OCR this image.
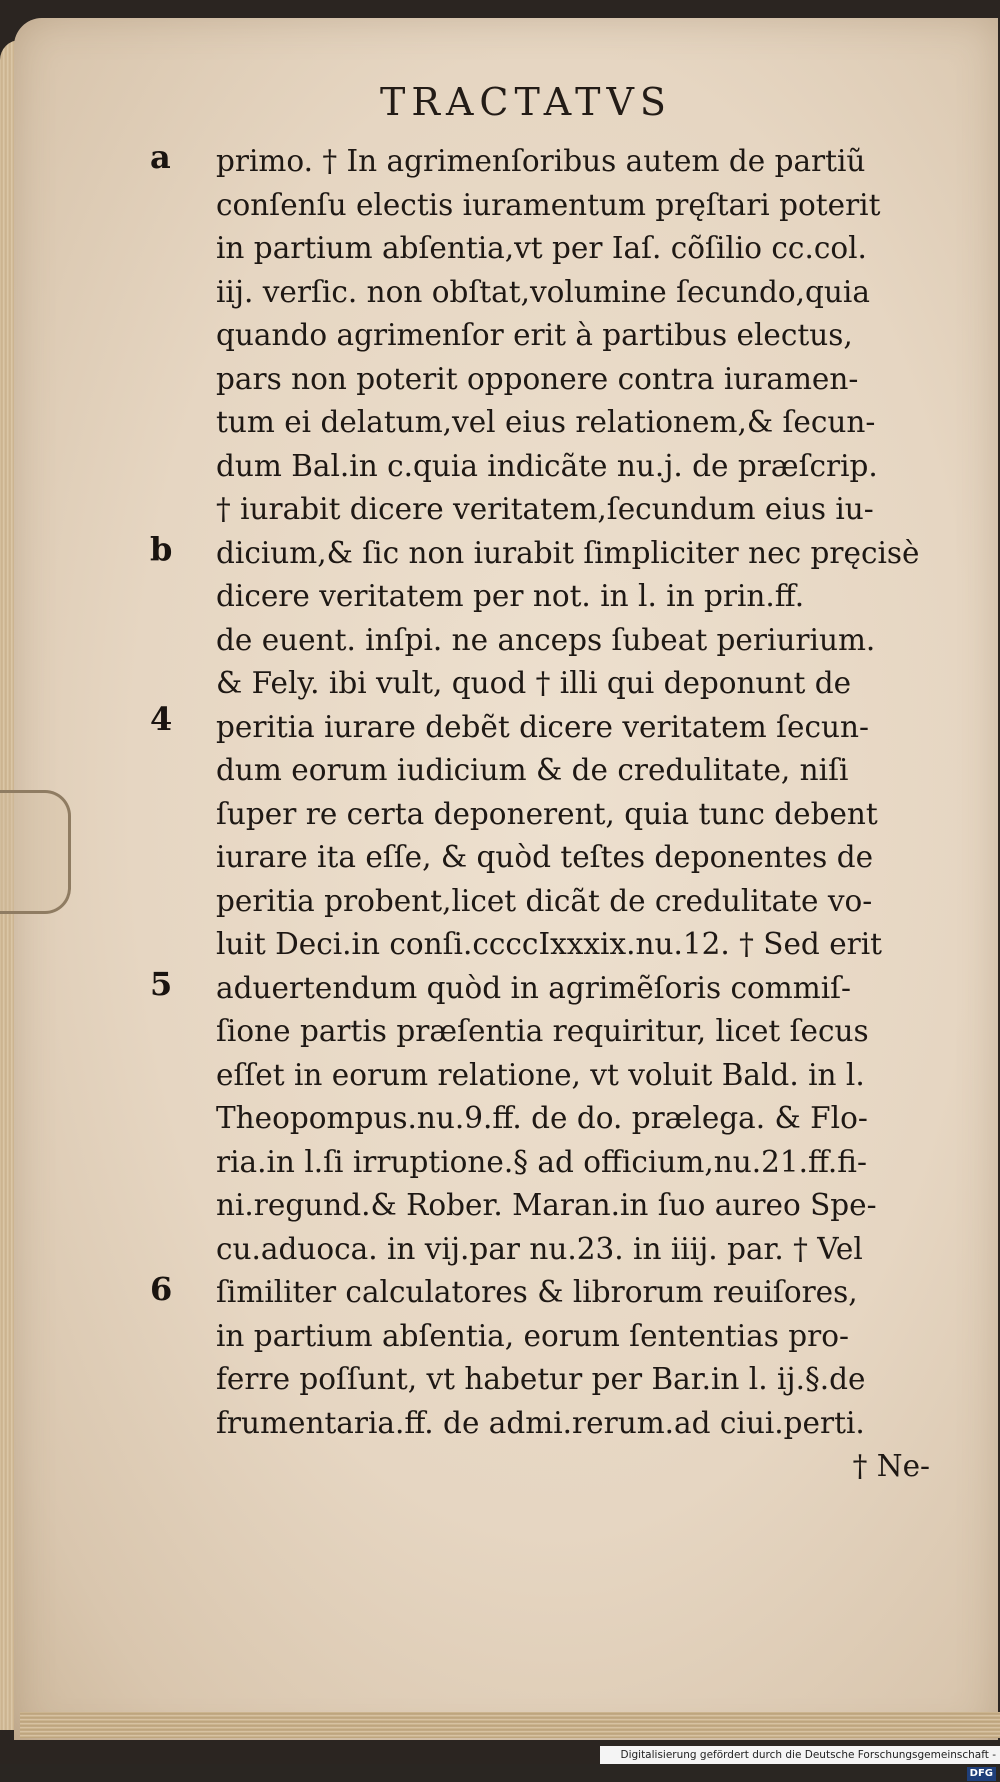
TRACTATVS
a
b
4
5
6
primo. † In agrimenſoribus autem de partiũ
conſenſu electis iuramentum pręſtari poterit
in partium abſentia,vt per Iaſ. cõſilio cc.col.
iij. verſic. non obſtat,volumine ſecundo,quia
quando agrimenſor erit à partibus electus,
pars non poterit opponere contra iuramen-
tum ei delatum,vel eius relationem,& ſecun-
dum Bal.in c.quia indicãte nu.j. de præſcrip.
† iurabit dicere veritatem,ſecundum eius iu-
dicium,& ſic non iurabit ſimpliciter nec pręcisè
dicere veritatem per not. in l. in prin.ff.
de euent. inſpi. ne anceps ſubeat periurium.
& Fely. ibi vult, quod † illi qui deponunt de
peritia iurare debẽt dicere veritatem ſecun-
dum eorum iudicium & de credulitate, niſi
ſuper re certa deponerent, quia tunc debent
iurare ita eſſe, & quòd teſtes deponentes de
peritia probent,licet dicãt de credulitate vo-
luit Deci.in conſi.ccccIxxxix.nu.12. † Sed erit
aduertendum quòd in agrimẽſoris commiſ-
ſione partis præſentia requiritur, licet ſecus
eſſet in eorum relatione, vt voluit Bald. in l.
Theopompus.nu.9.ff. de do. prælega. & Flo-
ria.in l.ſi irruptione.§ ad officium,nu.21.ff.fi-
ni.regund.& Rober. Maran.in ſuo aureo Spe-
cu.aduoca. in vij.par nu.23. in iiij. par. † Vel
ſimiliter calculatores & librorum reuiſores,
in partium abſentia, eorum ſententias pro-
ferre poſſunt, vt habetur per Bar.in l. ij.§.de
frumentaria.ff. de admi.rerum.ad ciui.perti.
† Ne-
Digitalisierung gefördert durch die Deutsche Forschungsgemeinschaft -DFG
